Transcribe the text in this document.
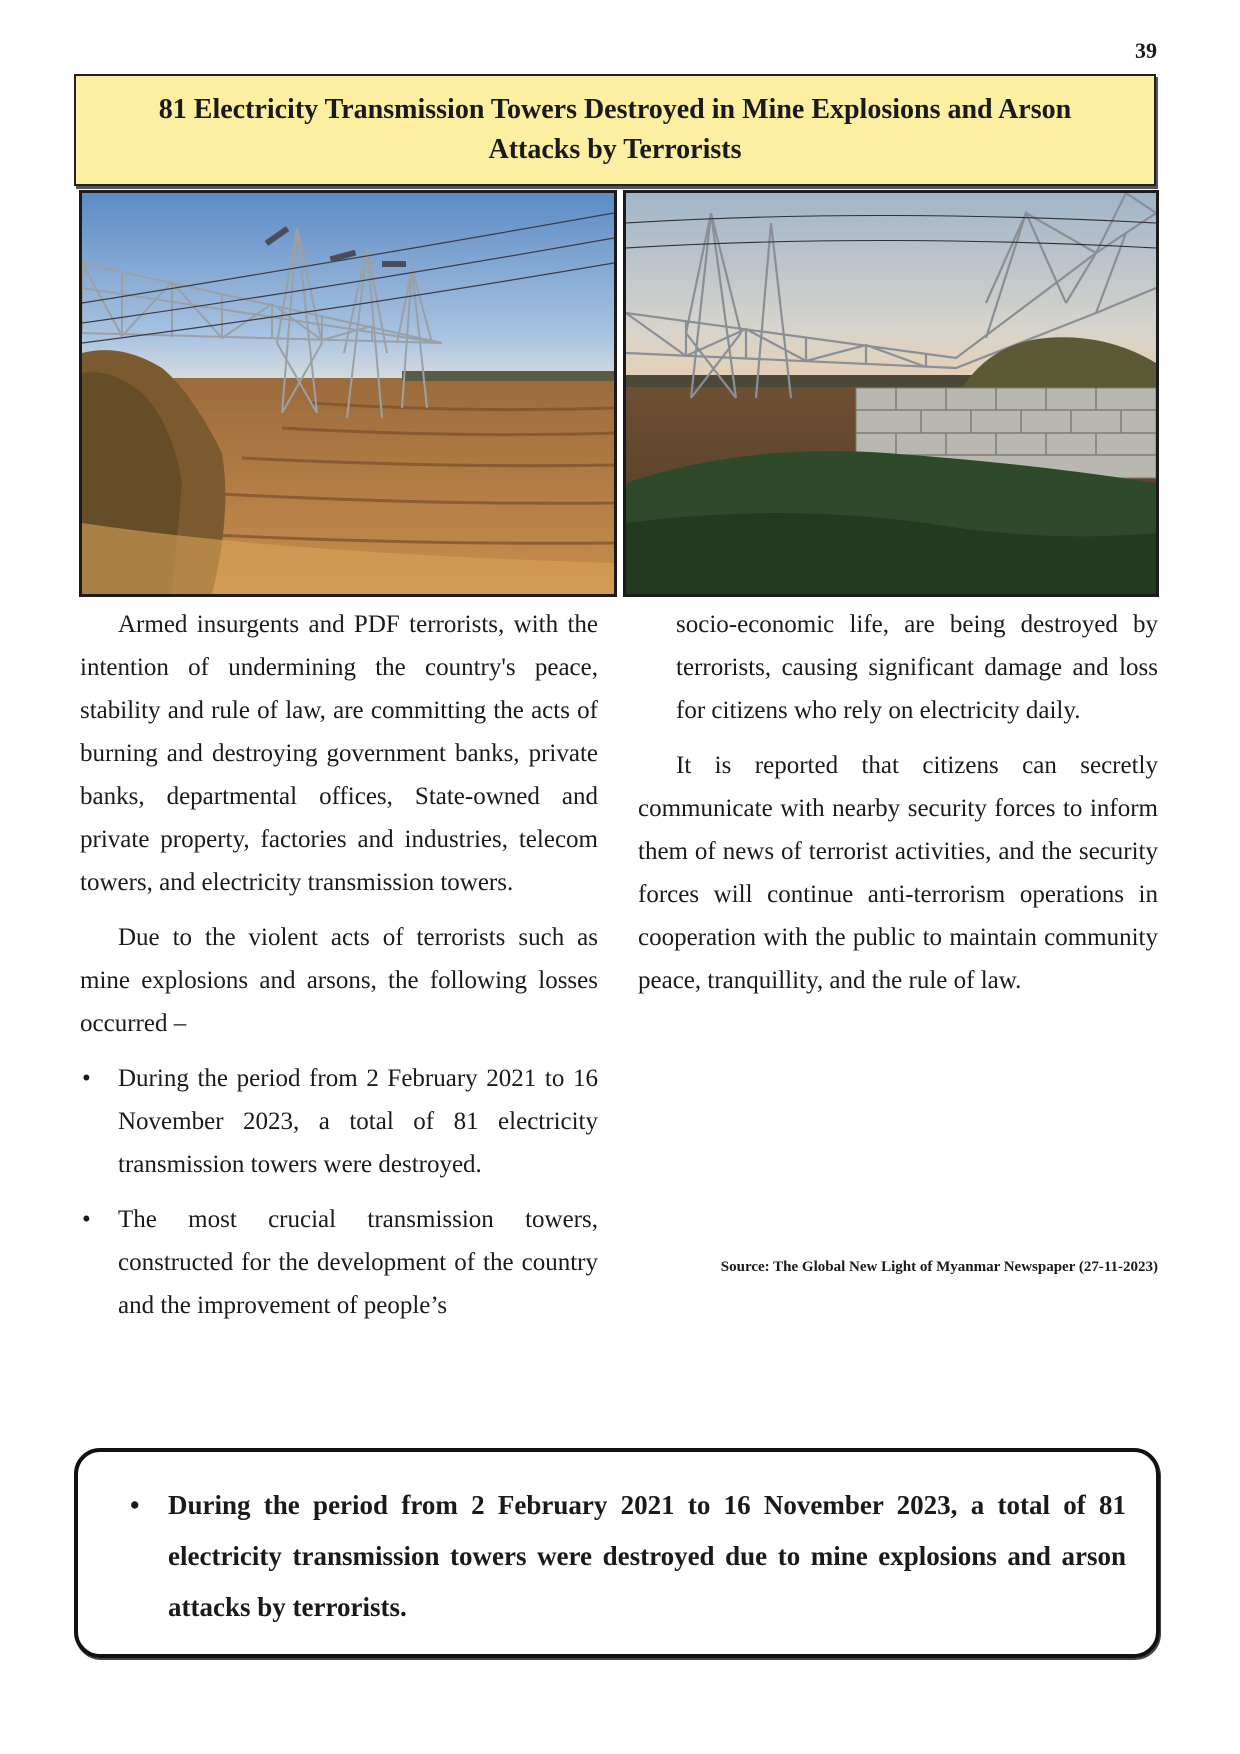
39
81 Electricity Transmission Towers Destroyed in Mine Explosions and Arson Attacks by Terrorists

Armed insurgents and PDF terrorists, with the intention of undermining the country's peace, stability and rule of law, are committing the acts of burning and destroying government banks, private banks, departmental offices, State-owned and private property, factories and industries, telecom towers, and electricity transmission towers.

Due to the violent acts of terrorists such as mine explosions and arsons, the following losses occurred –

• During the period from 2 February 2021 to 16 November 2023, a total of 81 electricity transmission towers were destroyed.
• The most crucial transmission towers, constructed for the development of the country and the improvement of people’s

socio-economic life, are being destroyed by terrorists, causing significant damage and loss for citizens who rely on electricity daily.

It is reported that citizens can secretly communicate with nearby security forces to inform them of news of terrorist activities, and the security forces will continue anti-terrorism operations in cooperation with the public to maintain community peace, tranquillity, and the rule of law.

Source: The Global New Light of Myanmar Newspaper (27-11-2023)
• During the period from 2 February 2021 to 16 November 2023, a total of 81 electricity transmission towers were destroyed due to mine explosions and arson attacks by terrorists.
